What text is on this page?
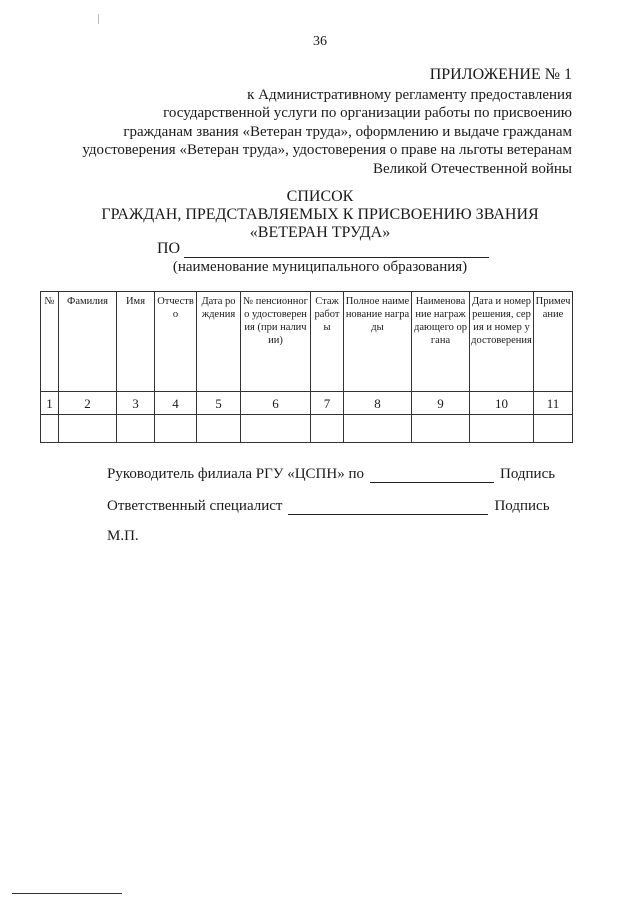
36
ПРИЛОЖЕНИЕ № 1
к Административному регламенту предоставления
государственной услуги по организации работы по присвоению
гражданам звания «Ветеран труда», оформлению и выдаче гражданам
удостоверения «Ветеран труда», удостоверения о праве на льготы ветеранам
Великой Отечественной войны
СПИСОК
ГРАЖДАН, ПРЕДСТАВЛЯЕМЫХ К ПРИСВОЕНИЮ ЗВАНИЯ
«ВЕТЕРАН ТРУДА»
ПО
(наименование муниципального образования)
№	Фамилия	Имя	Отчество	Дата рождения	№ пенсионного удостоверения (при наличии)	Стаж работы	Полное наименование награды	Наименование награждающего органа	Дата и номер решения, серия и номер удостоверения	Примечание
1	2	3	4	5	6	7	8	9	10	11

Руководитель филиала РГУ «ЦСПН» по	Подпись
Ответственный специалист	Подпись
М.П.
